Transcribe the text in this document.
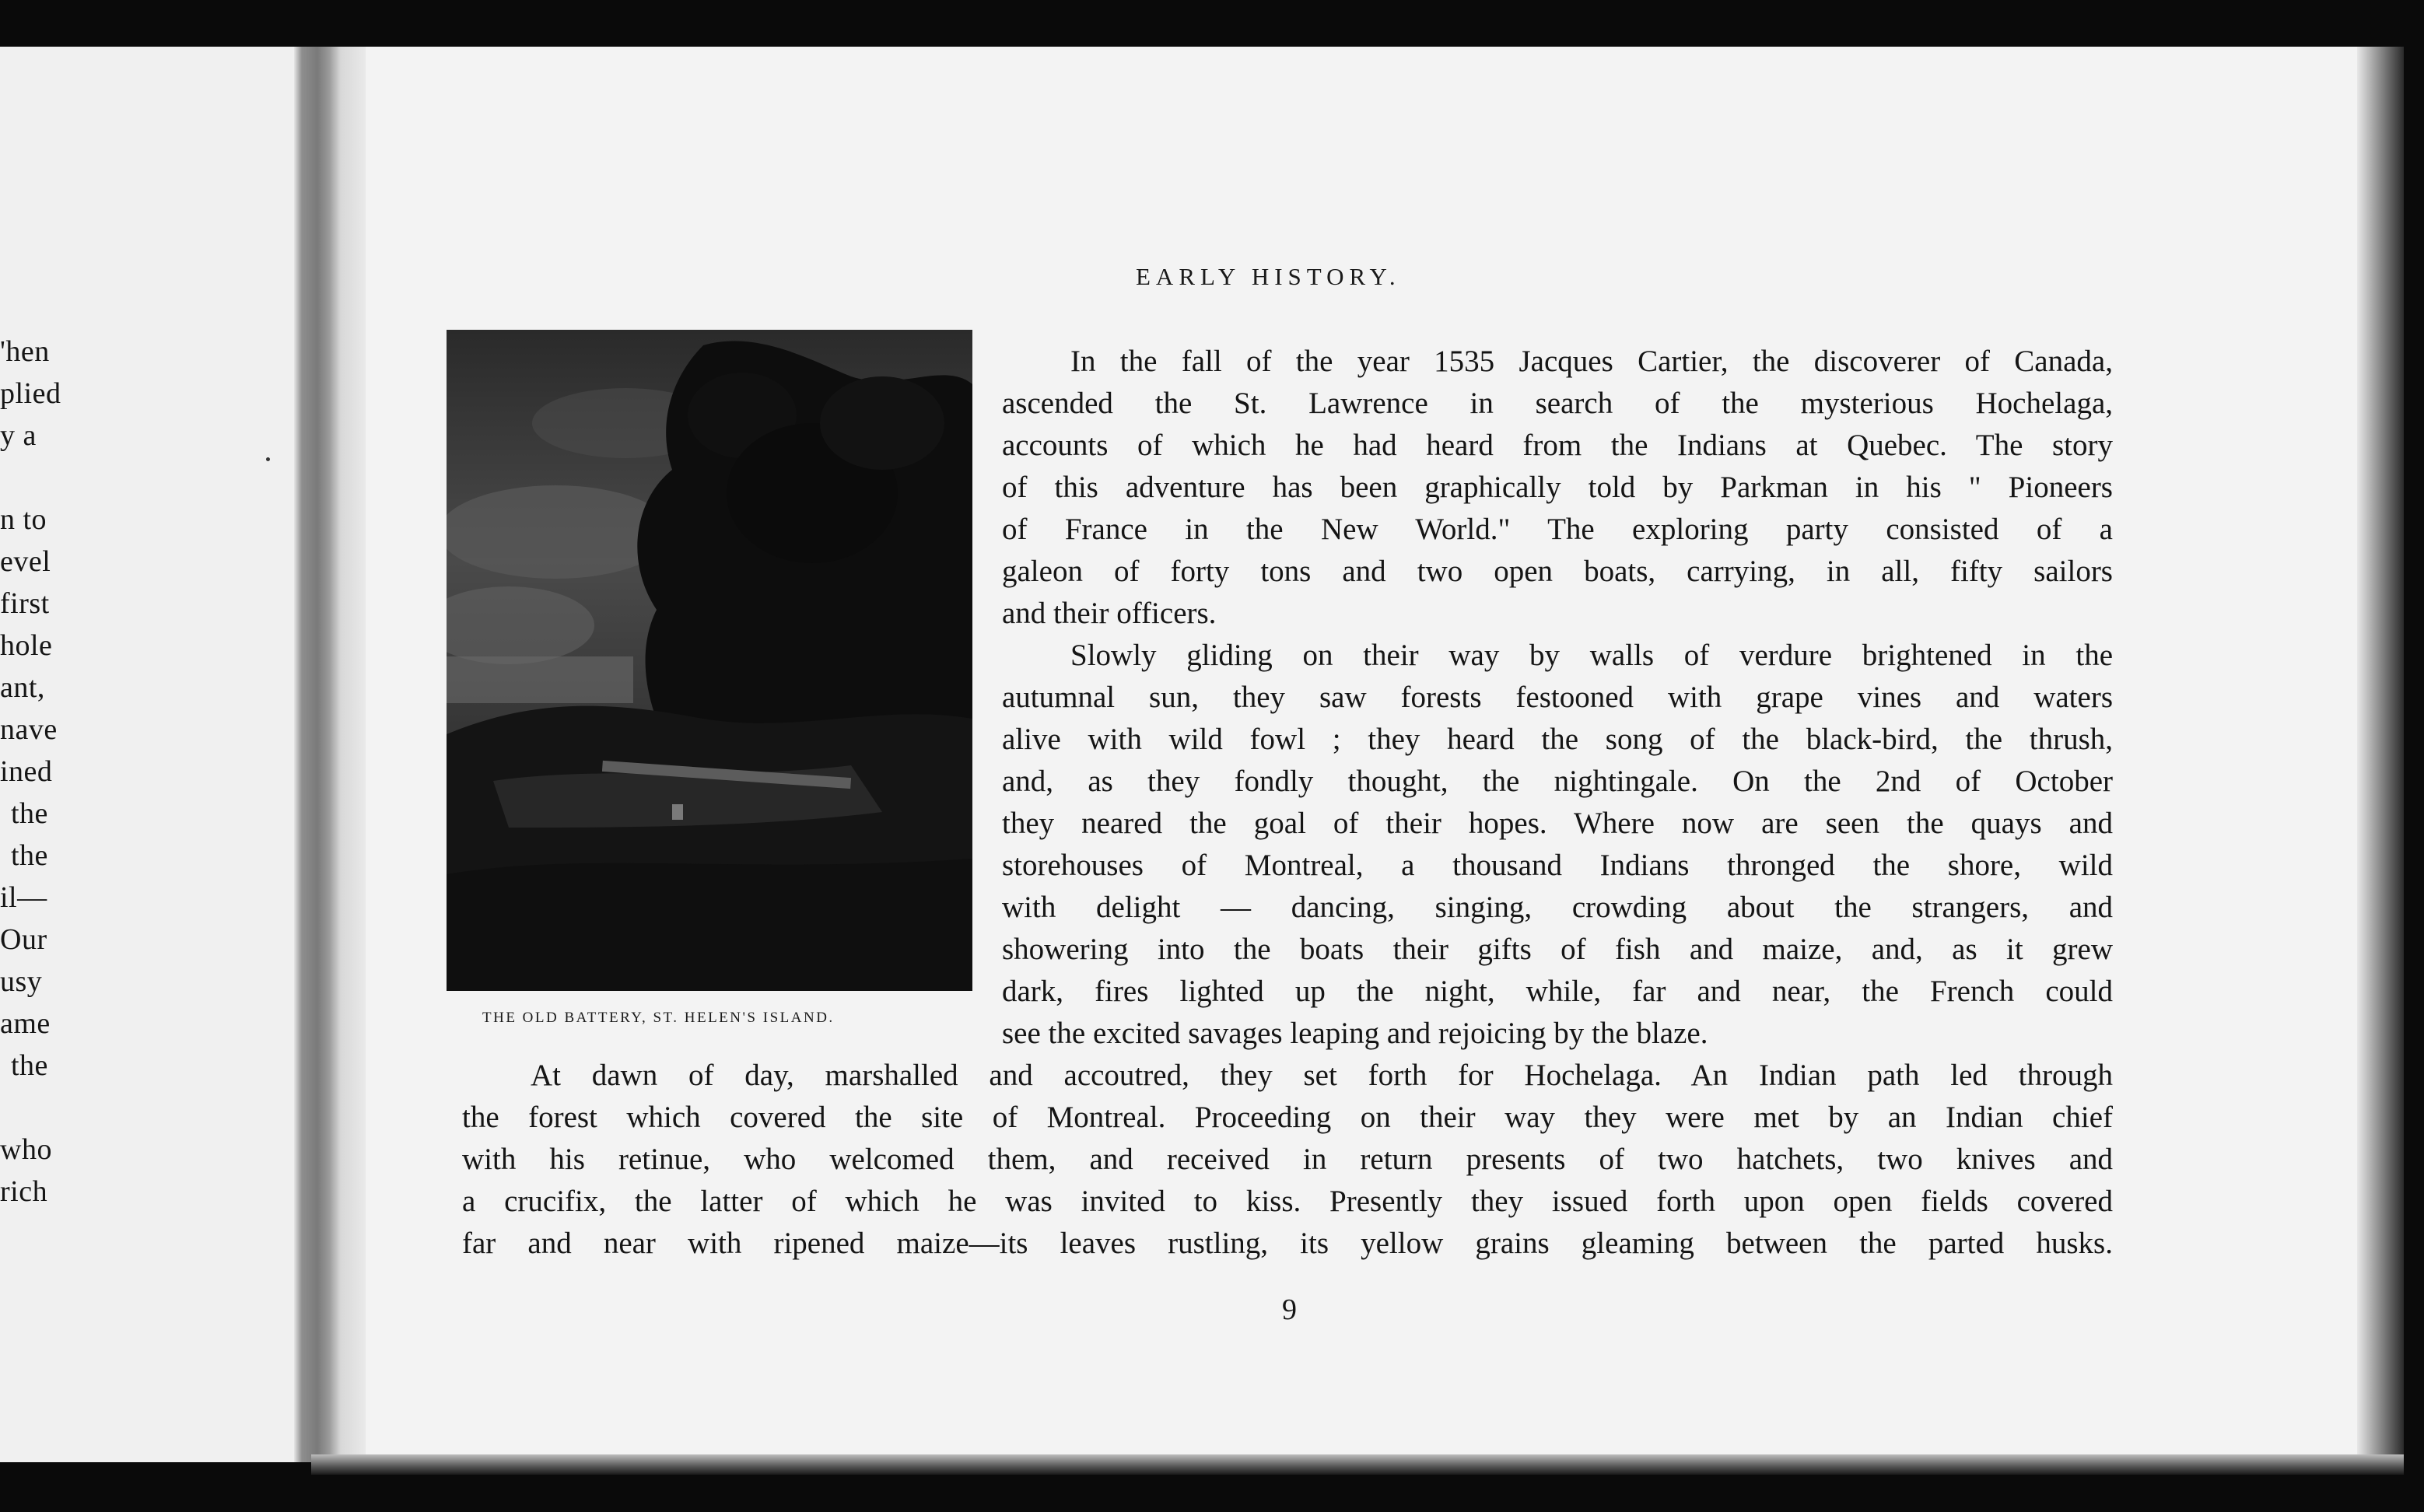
'hen
plied
y a
n to
evel
first
hole
ant,
nave
ined
the
the
il—
Our
usy
ame
the
who
rich
EARLY HISTORY.
THE OLD BATTERY, ST. HELEN'S ISLAND.
In the fall of the year 1535 Jacques Cartier, the discoverer of Canada,
ascended the St. Lawrence in search of the mysterious Hochelaga,
accounts of which he had heard from the Indians at Quebec. The story
of this adventure has been graphically told by Parkman in his " Pioneers
of France in the New World." The exploring party consisted of a
galeon of forty tons and two open boats, carrying, in all, fifty sailors
and their officers.
Slowly gliding on their way by walls of verdure brightened in the
autumnal sun, they saw forests festooned with grape vines and waters
alive with wild fowl ; they heard the song of the black-bird, the thrush,
and, as they fondly thought, the nightingale. On the 2nd of October
they neared the goal of their hopes. Where now are seen the quays and
storehouses of Montreal, a thousand Indians thronged the shore, wild
with delight — dancing, singing, crowding about the strangers, and
showering into the boats their gifts of fish and maize, and, as it grew
dark, fires lighted up the night, while, far and near, the French could
see the excited savages leaping and rejoicing by the blaze.
At dawn of day, marshalled and accoutred, they set forth for Hochelaga. An Indian path led through
the forest which covered the site of Montreal. Proceeding on their way they were met by an Indian chief
with his retinue, who welcomed them, and received in return presents of two hatchets, two knives and
a crucifix, the latter of which he was invited to kiss. Presently they issued forth upon open fields covered
far and near with ripened maize—its leaves rustling, its yellow grains gleaming between the parted husks.
9
